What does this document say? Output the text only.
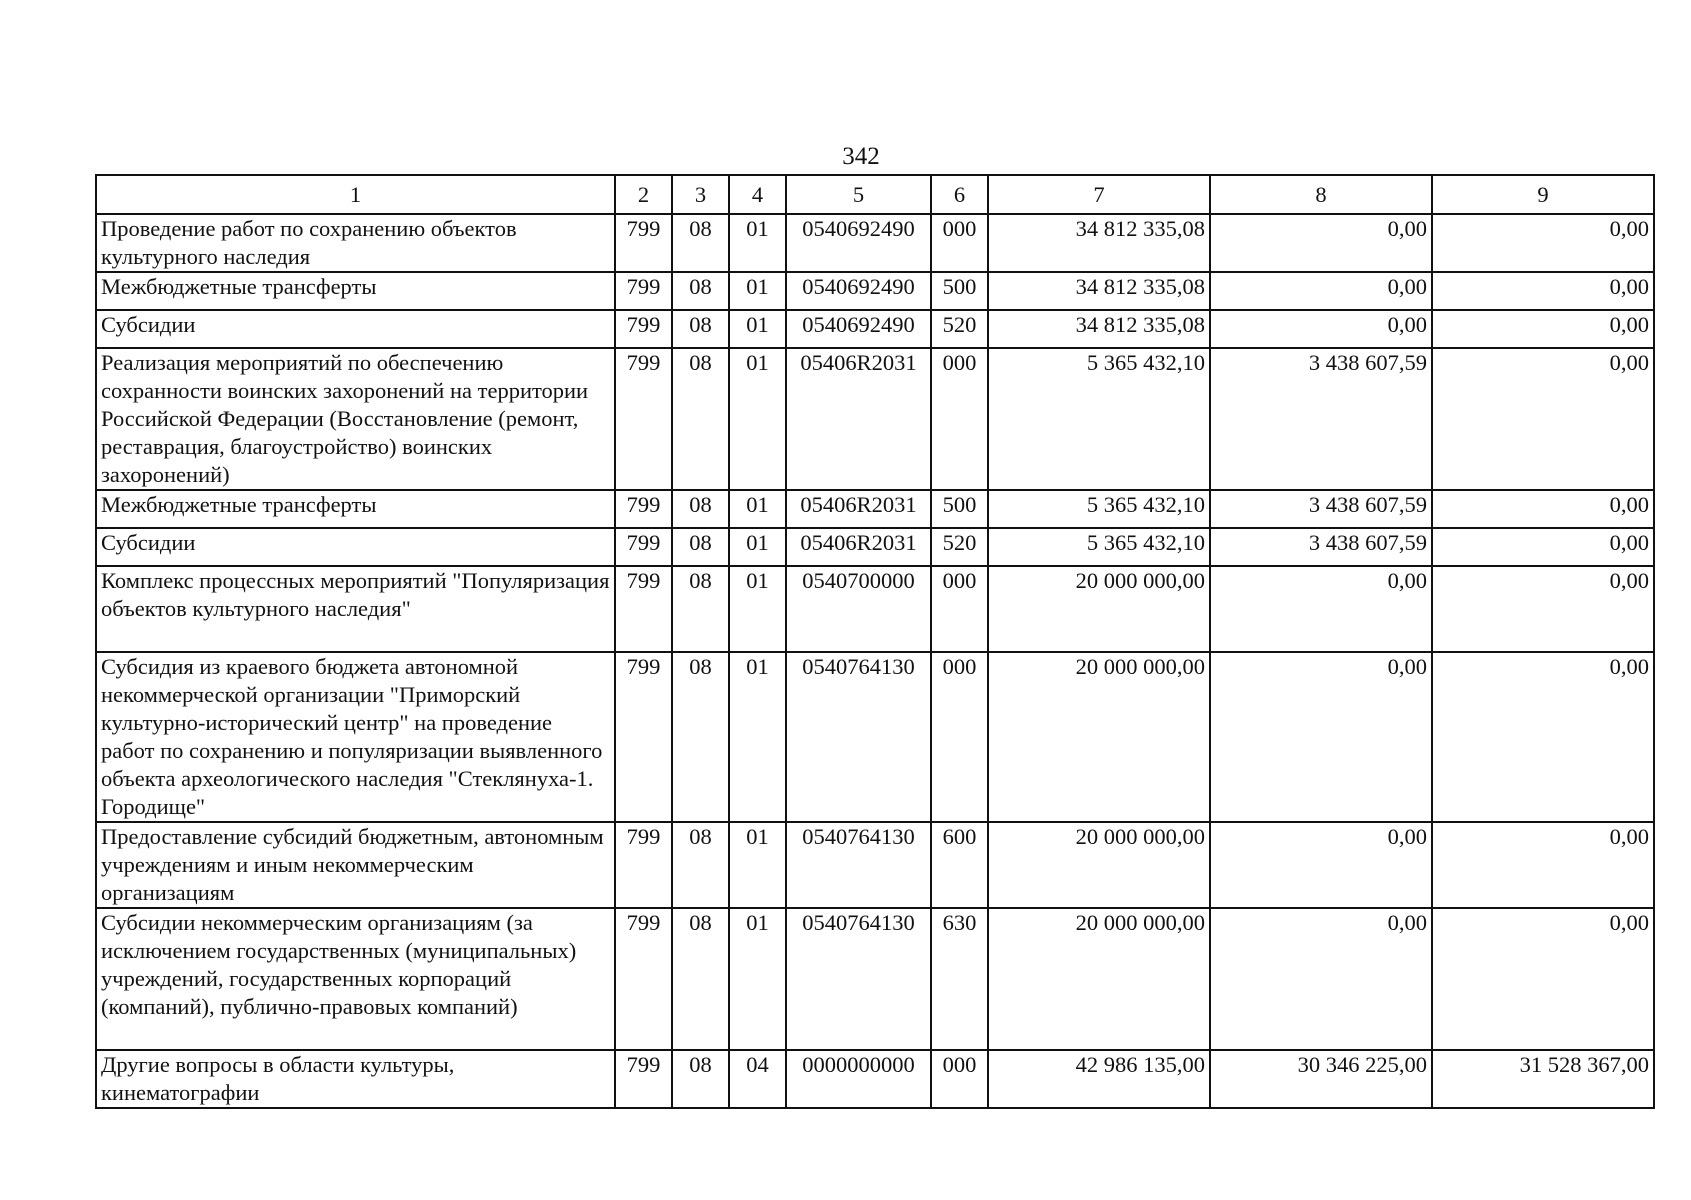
342
1	2	3	4	5	6	7	8	9
Проведение работ по сохранению объектов культурного наследия	799	08	01	0540692490	000	34 812 335,08	0,00	0,00
Межбюджетные трансферты	799	08	01	0540692490	500	34 812 335,08	0,00	0,00
Субсидии	799	08	01	0540692490	520	34 812 335,08	0,00	0,00
Реализация мероприятий по обеспечению сохранности воинских захоронений на территории Российской Федерации (Восстановление (ремонт, реставрация, благоустройство) воинских захоронений)	799	08	01	05406R2031	000	5 365 432,10	3 438 607,59	0,00
Межбюджетные трансферты	799	08	01	05406R2031	500	5 365 432,10	3 438 607,59	0,00
Субсидии	799	08	01	05406R2031	520	5 365 432,10	3 438 607,59	0,00
Комплекс процессных мероприятий "Популяризация объектов культурного наследия"	799	08	01	0540700000	000	20 000 000,00	0,00	0,00
Субсидия из краевого бюджета автономной некоммерческой организации "Приморский культурно-исторический центр" на проведение работ по сохранению и популяризации выявленного объекта археологического наследия "Стеклянуха-1. Городище"	799	08	01	0540764130	000	20 000 000,00	0,00	0,00
Предоставление субсидий бюджетным, автономным учреждениям и иным некоммерческим организациям	799	08	01	0540764130	600	20 000 000,00	0,00	0,00
Субсидии некоммерческим организациям (за исключением государственных (муниципальных) учреждений, государственных корпораций (компаний), публично-правовых компаний)	799	08	01	0540764130	630	20 000 000,00	0,00	0,00
Другие вопросы в области культуры, кинематографии	799	08	04	0000000000	000	42 986 135,00	30 346 225,00	31 528 367,00
